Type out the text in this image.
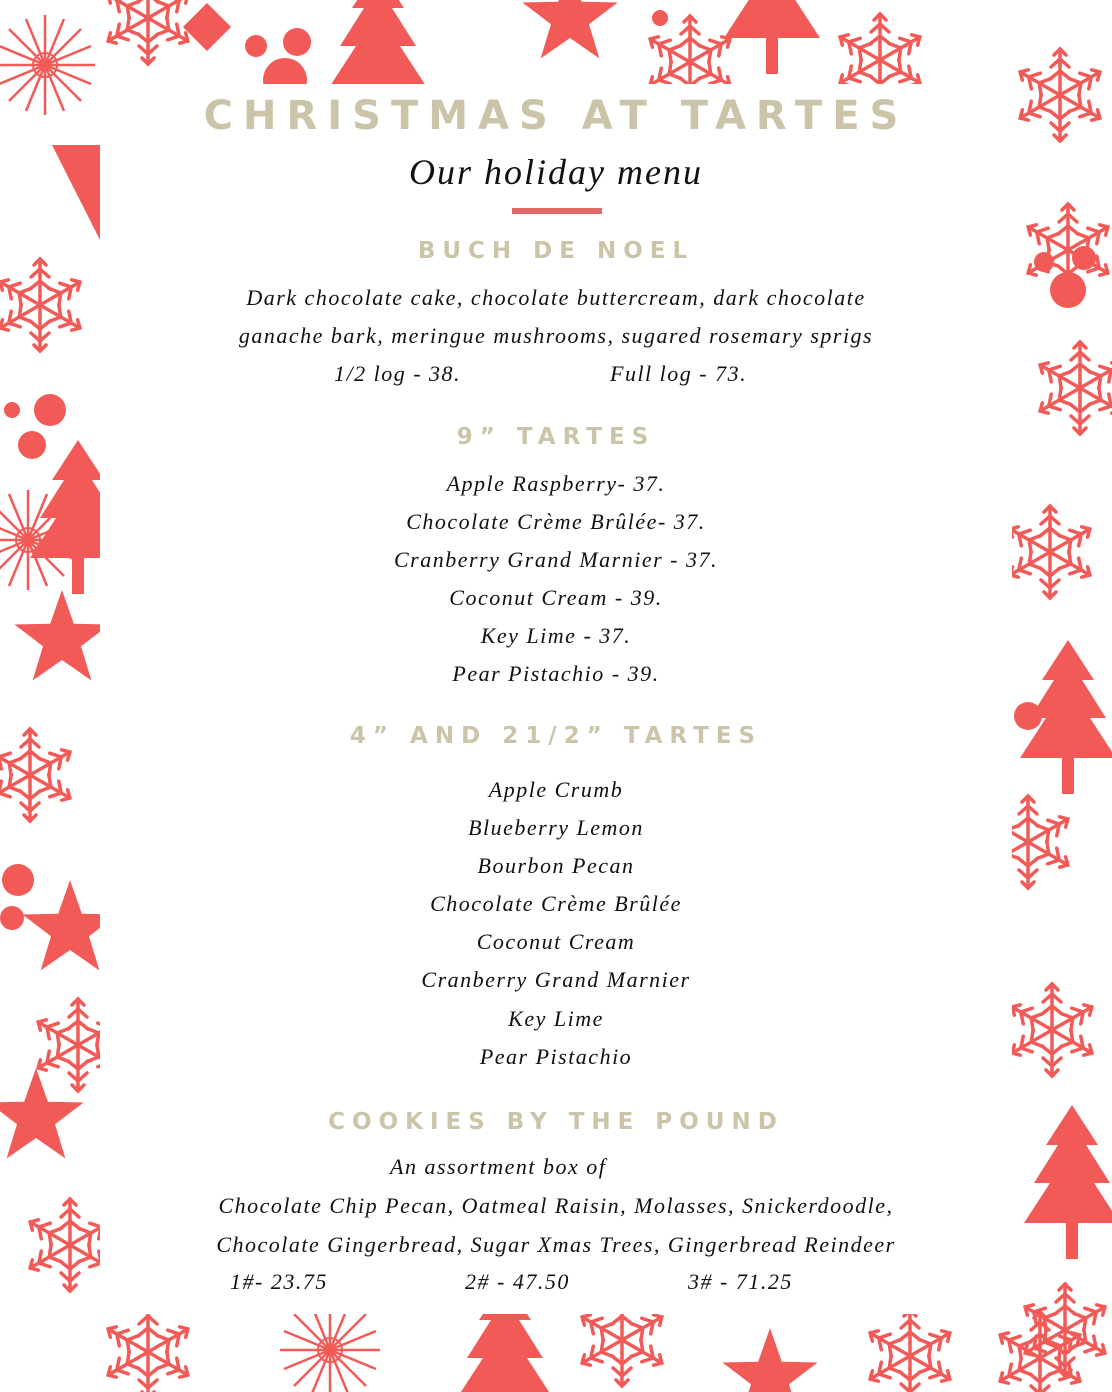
CHRISTMAS AT TARTES

Our holiday menu

BUCH DE NOEL
Dark chocolate cake, chocolate buttercream, dark chocolate
ganache bark, meringue mushrooms, sugared rosemary sprigs
1/2 log - 38.	Full log - 73.
9” TARTES
Apple Raspberry- 37.
Chocolate Crème Brûlée- 37.
Cranberry Grand Marnier - 37.
Coconut Cream - 39.
Key Lime - 37.
Pear Pistachio - 39.
4” AND 21/2” TARTES
Apple Crumb
Blueberry Lemon
Bourbon Pecan
Chocolate Crème Brûlée
Coconut Cream
Cranberry Grand Marnier
Key Lime
Pear Pistachio
COOKIES BY THE POUND
An assortment box of
Chocolate Chip Pecan, Oatmeal Raisin, Molasses, Snickerdoodle,
Chocolate Gingerbread, Sugar Xmas Trees, Gingerbread Reindeer
1#- 23.75	2# - 47.50	3# - 71.25
